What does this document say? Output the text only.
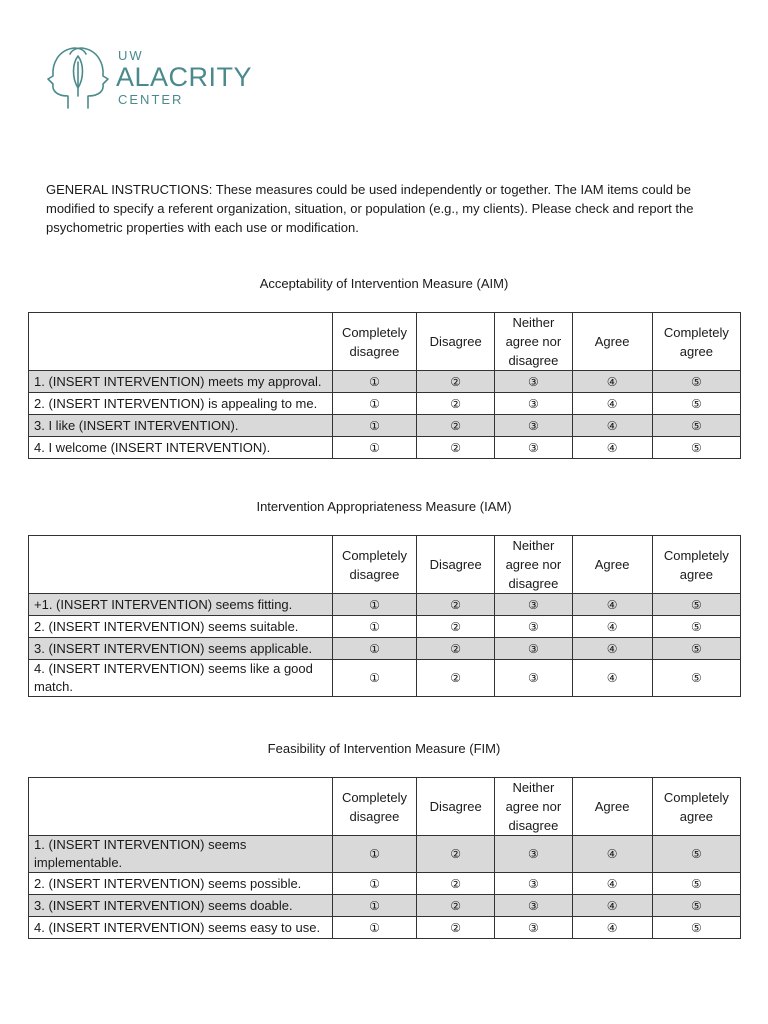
UW
ALACRITY
CENTER
GENERAL INSTRUCTIONS: These measures could be used independently or together. The IAM items could be modified to specify a referent organization, situation, or population (e.g., my clients). Please check and report the psychometric properties with each use or modification.
Acceptability of Intervention Measure (AIM)
	Completely disagree	Disagree	Neither agree nor disagree	Agree	Completely agree
1. (INSERT INTERVENTION) meets my approval.	①	②	③	④	⑤
2. (INSERT INTERVENTION) is appealing to me.	①	②	③	④	⑤
3. I like (INSERT INTERVENTION).	①	②	③	④	⑤
4. I welcome (INSERT INTERVENTION).	①	②	③	④	⑤
Intervention Appropriateness Measure (IAM)
	Completely disagree	Disagree	Neither agree nor disagree	Agree	Completely agree
+1. (INSERT INTERVENTION) seems fitting.	①	②	③	④	⑤
2. (INSERT INTERVENTION) seems suitable.	①	②	③	④	⑤
3. (INSERT INTERVENTION) seems applicable.	①	②	③	④	⑤
4. (INSERT INTERVENTION) seems like a good match.	①	②	③	④	⑤
Feasibility of Intervention Measure (FIM)
	Completely disagree	Disagree	Neither agree nor disagree	Agree	Completely agree
1. (INSERT INTERVENTION) seems implementable.	①	②	③	④	⑤
2. (INSERT INTERVENTION) seems possible.	①	②	③	④	⑤
3. (INSERT INTERVENTION) seems doable.	①	②	③	④	⑤
4. (INSERT INTERVENTION) seems easy to use.	①	②	③	④	⑤
